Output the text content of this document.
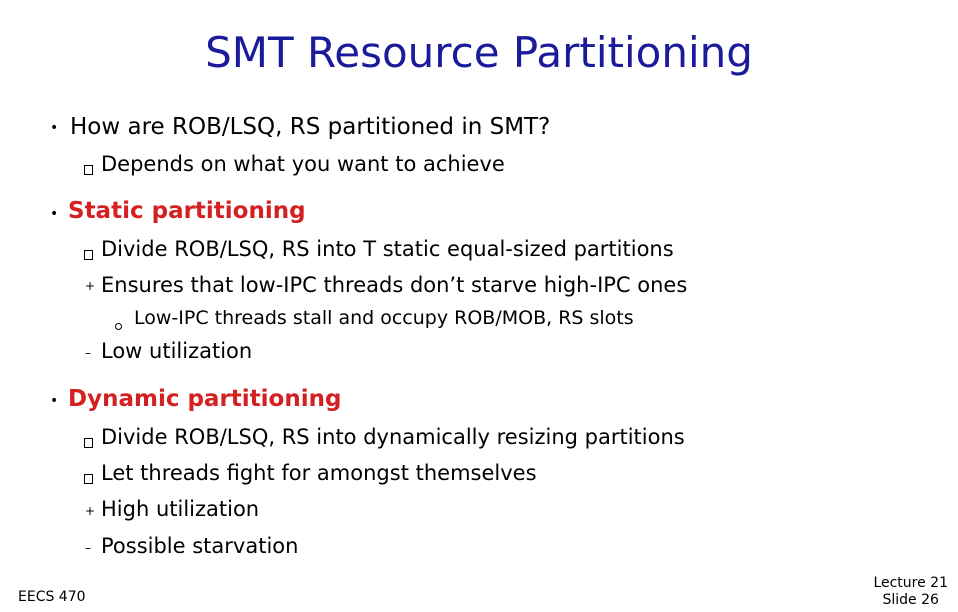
SMT Resource Partitioning
• How are ROB/LSQ, RS partitioned in SMT?
Depends on what you want to achieve
• Static partitioning
Divide ROB/LSQ, RS into T static equal-sized partitions
+ Ensures that low-IPC threads don’t starve high-IPC ones
Low-IPC threads stall and occupy ROB/MOB, RS slots
– Low utilization
• Dynamic partitioning
Divide ROB/LSQ, RS into dynamically resizing partitions
Let threads fight for amongst themselves
+ High utilization
– Possible starvation
EECS 470
Lecture 21
Slide 26
